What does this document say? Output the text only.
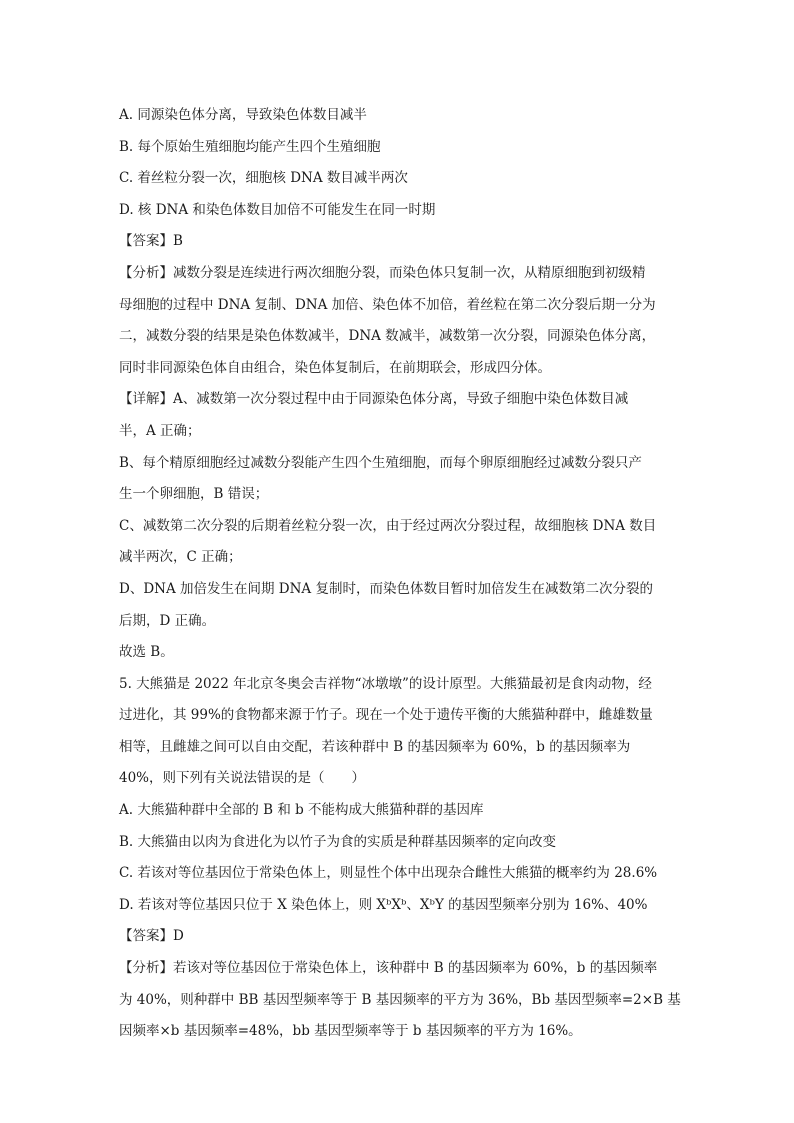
A. 同源染色体分离，导致染色体数目减半
B. 每个原始生殖细胞均能产生四个生殖细胞
C. 着丝粒分裂一次，细胞核 DNA 数目减半两次
D. 核 DNA 和染色体数目加倍不可能发生在同一时期
【答案】B
【分析】减数分裂是连续进行两次细胞分裂，而染色体只复制一次，从精原细胞到初级精
母细胞的过程中 DNA 复制、DNA 加倍、染色体不加倍，着丝粒在第二次分裂后期一分为
二，减数分裂的结果是染色体数减半，DNA 数减半，减数第一次分裂，同源染色体分离，
同时非同源染色体自由组合，染色体复制后，在前期联会，形成四分体。
【详解】A、减数第一次分裂过程中由于同源染色体分离，导致子细胞中染色体数目减
半，A 正确；
B、每个精原细胞经过减数分裂能产生四个生殖细胞，而每个卵原细胞经过减数分裂只产
生一个卵细胞，B 错误；
C、减数第二次分裂的后期着丝粒分裂一次，由于经过两次分裂过程，故细胞核 DNA 数目
减半两次，C 正确；
D、DNA 加倍发生在间期 DNA 复制时，而染色体数目暂时加倍发生在减数第二次分裂的
后期，D 正确。
故选 B。
5. 大熊猫是 2022 年北京冬奥会吉祥物“冰墩墩”的设计原型。大熊猫最初是食肉动物，经
过进化，其 99%的食物都来源于竹子。现在一个处于遗传平衡的大熊猫种群中，雌雄数量
相等，且雌雄之间可以自由交配，若该种群中 B 的基因频率为 60%，b 的基因频率为
40%，则下列有关说法错误的是（　　）
A. 大熊猫种群中全部的 B 和 b 不能构成大熊猫种群的基因库
B. 大熊猫由以肉为食进化为以竹子为食的实质是种群基因频率的定向改变
C. 若该对等位基因位于常染色体上，则显性个体中出现杂合雌性大熊猫的概率约为 28.6%
D. 若该对等位基因只位于 X 染色体上，则 XᵇXᵇ、XᵇY 的基因型频率分别为 16%、40%
【答案】D
【分析】若该对等位基因位于常染色体上，该种群中 B 的基因频率为 60%，b 的基因频率
为 40%，则种群中 BB 基因型频率等于 B 基因频率的平方为 36%，Bb 基因型频率=2×B 基
因频率×b 基因频率=48%，bb 基因型频率等于 b 基因频率的平方为 16%。
